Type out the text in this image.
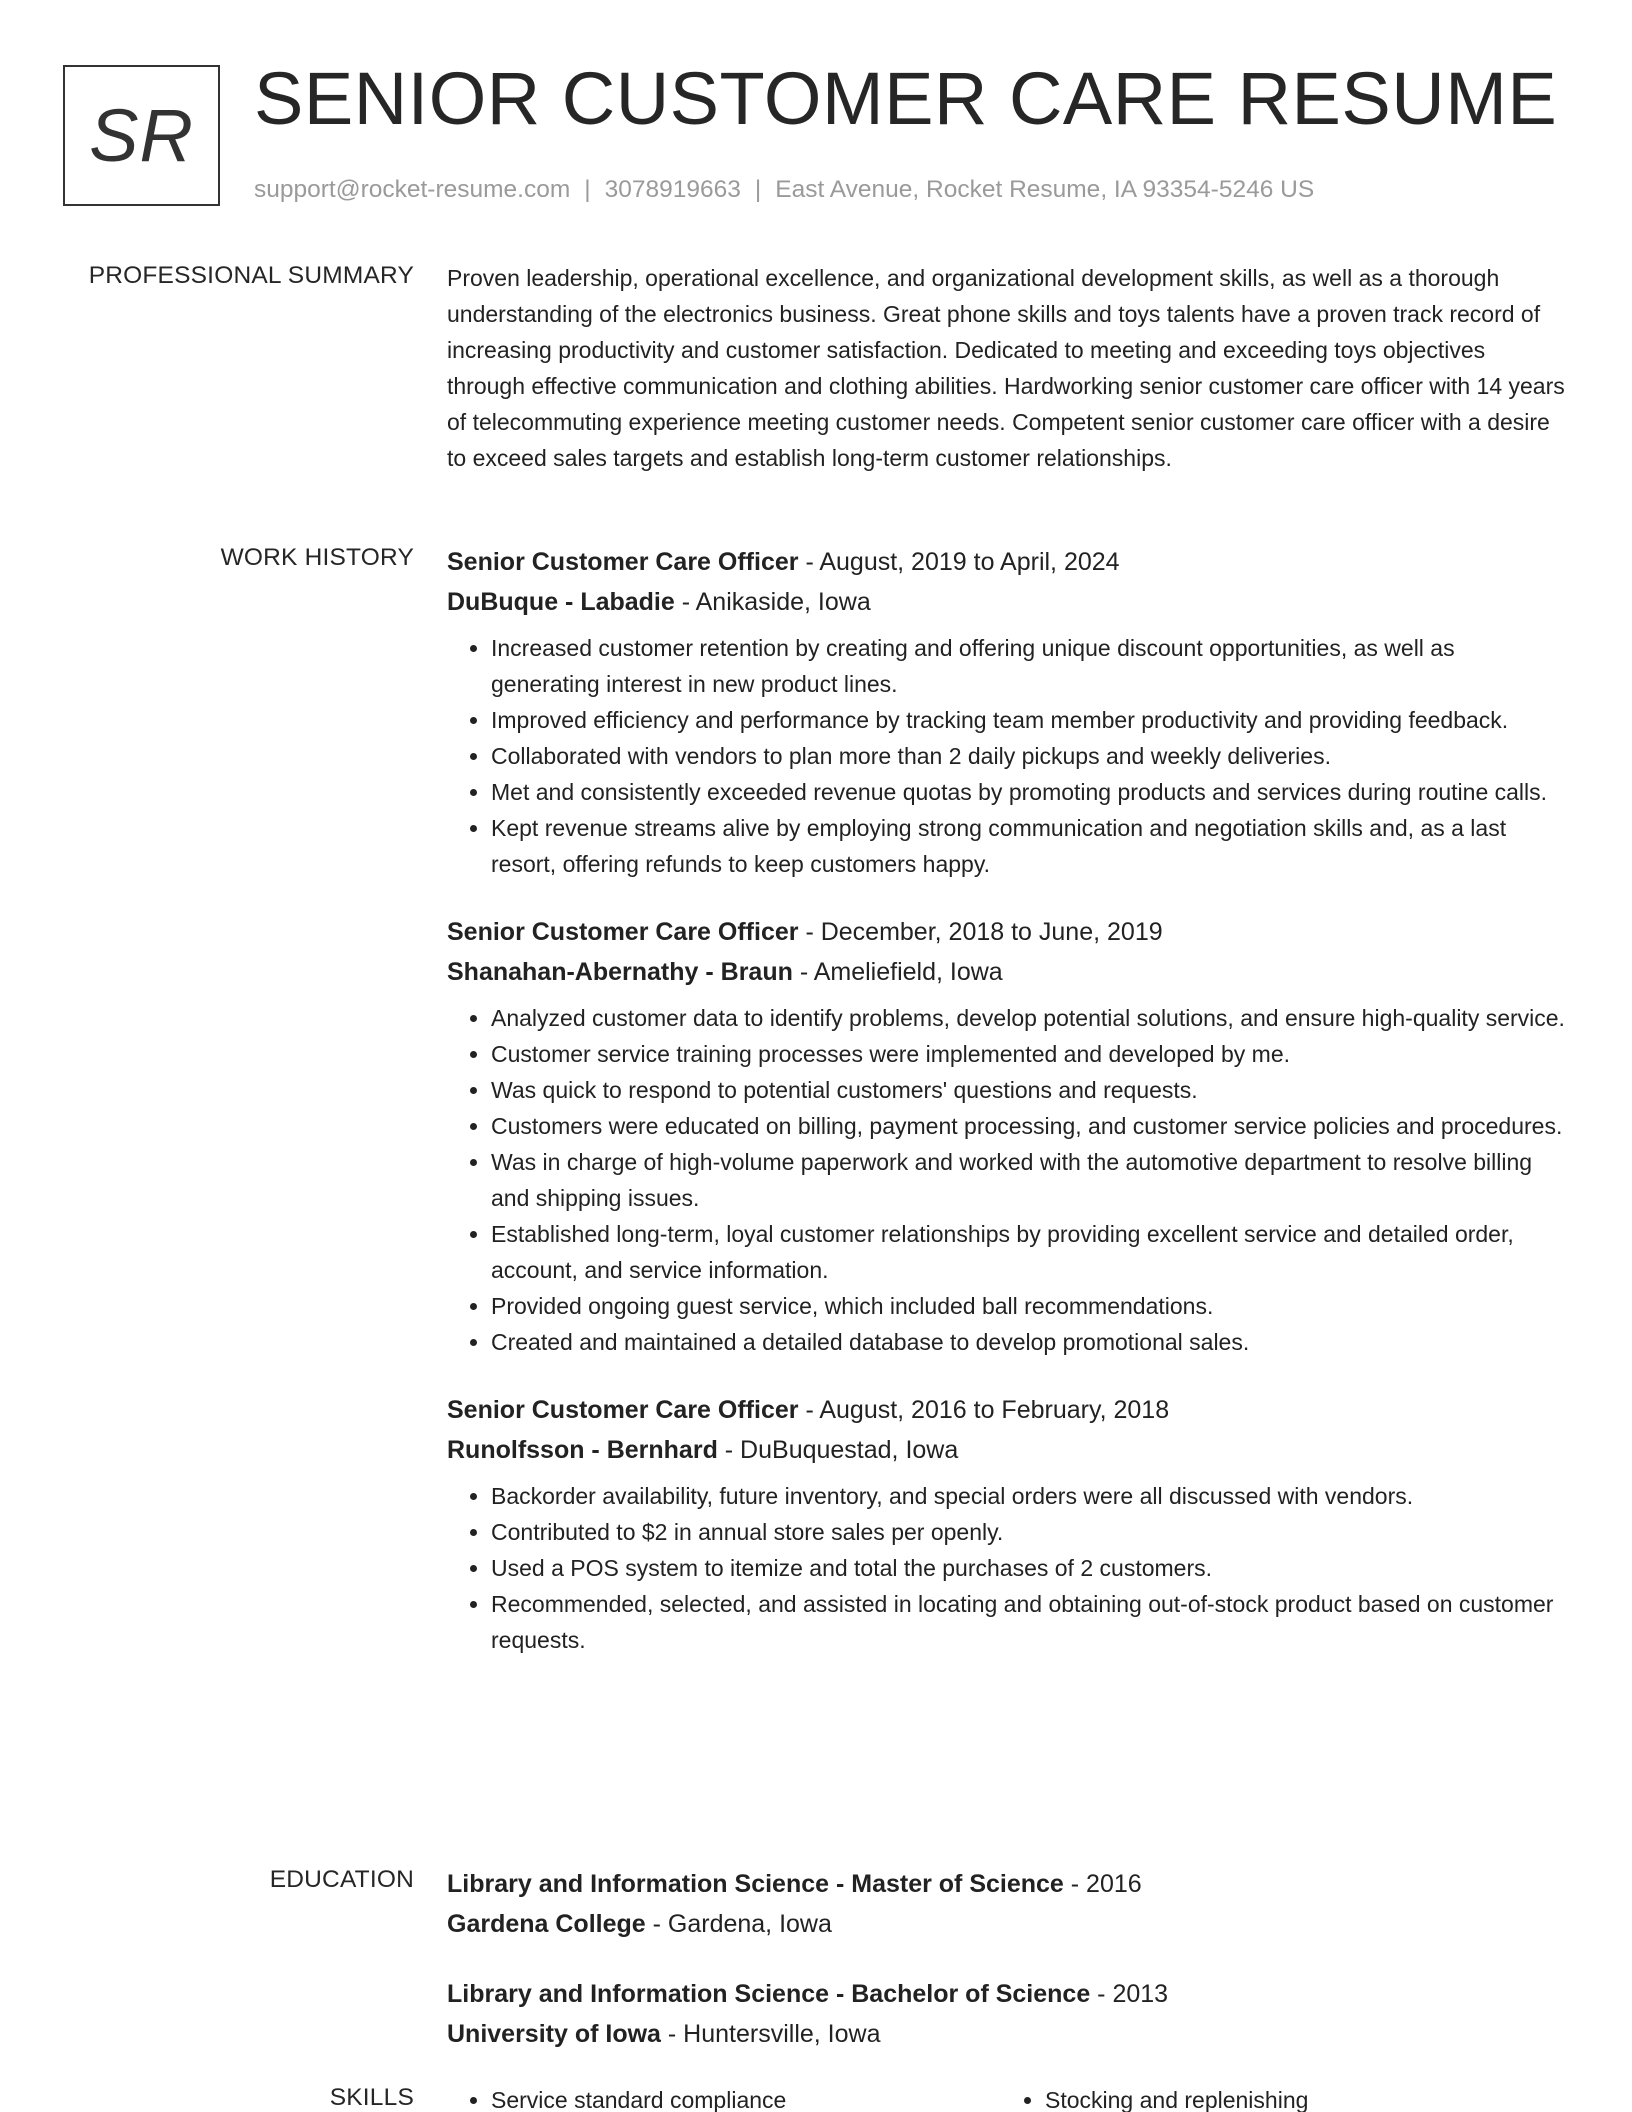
SR SENIOR CUSTOMER CARE RESUME
support@rocket-resume.com | 3078919663 | East Avenue, Rocket Resume, IA 93354-5246 US
PROFESSIONAL SUMMARY Proven leadership, operational excellence, and organizational development skills, as well as a thorough understanding of the electronics business. Great phone skills and toys talents have a proven track record of increasing productivity and customer satisfaction. Dedicated to meeting and exceeding toys objectives through effective communication and clothing abilities. Hardworking senior customer care officer with 14 years of telecommuting experience meeting customer needs. Competent senior customer care officer with a desire to exceed sales targets and establish long-term customer relationships.

WORK HISTORY Senior Customer Care Officer - August, 2019 to April, 2024
DuBuque - Labadie - Anikaside, Iowa
• Increased customer retention by creating and offering unique discount opportunities, as well as generating interest in new product lines.
• Improved efficiency and performance by tracking team member productivity and providing feedback.
• Collaborated with vendors to plan more than 2 daily pickups and weekly deliveries.
• Met and consistently exceeded revenue quotas by promoting products and services during routine calls.
• Kept revenue streams alive by employing strong communication and negotiation skills and, as a last resort, offering refunds to keep customers happy.
Senior Customer Care Officer - December, 2018 to June, 2019
Shanahan-Abernathy - Braun - Ameliefield, Iowa
• Analyzed customer data to identify problems, develop potential solutions, and ensure high-quality service.
• Customer service training processes were implemented and developed by me.
• Was quick to respond to potential customers' questions and requests.
• Customers were educated on billing, payment processing, and customer service policies and procedures.
• Was in charge of high-volume paperwork and worked with the automotive department to resolve billing and shipping issues.
• Established long-term, loyal customer relationships by providing excellent service and detailed order, account, and service information.
• Provided ongoing guest service, which included ball recommendations.
• Created and maintained a detailed database to develop promotional sales.
Senior Customer Care Officer - August, 2016 to February, 2018
Runolfsson - Bernhard - DuBuquestad, Iowa
• Backorder availability, future inventory, and special orders were all discussed with vendors.
• Contributed to $2 in annual store sales per openly.
• Used a POS system to itemize and total the purchases of 2 customers.
• Recommended, selected, and assisted in locating and obtaining out-of-stock product based on customer requests.
EDUCATION Library and Information Science - Master of Science - 2016
Gardena College - Gardena, Iowa
Library and Information Science - Bachelor of Science - 2013
University of Iowa - Huntersville, Iowa
SKILLS	• Service standard compliance	• Stocking and replenishing
